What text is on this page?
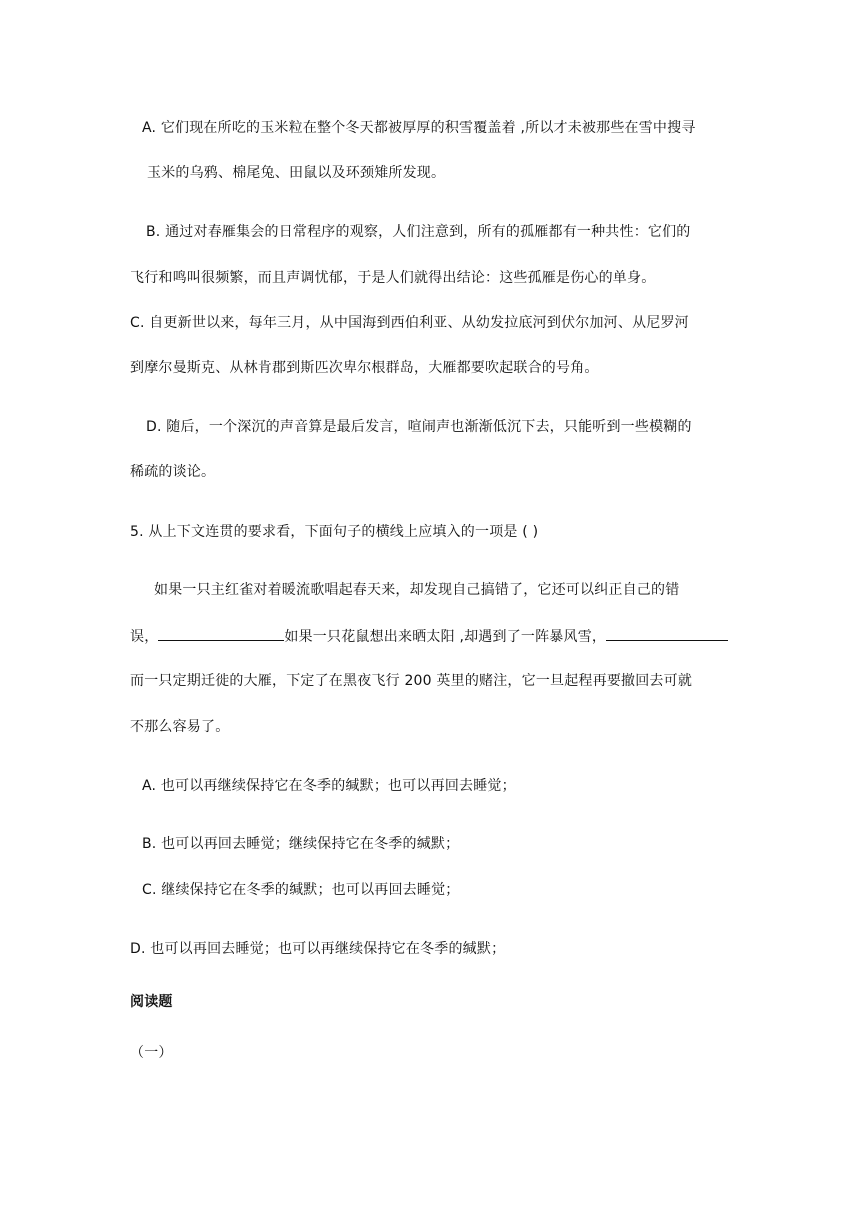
A. 它们现在所吃的玉米粒在整个冬天都被厚厚的积雪覆盖着 ,所以才未被那些在雪中搜寻
玉米的乌鸦、棉尾兔、田鼠以及环颈雉所发现。
B. 通过对春雁集会的日常程序的观察，人们注意到，所有的孤雁都有一种共性：它们的
飞行和鸣叫很频繁，而且声调忧郁，于是人们就得出结论：这些孤雁是伤心的单身。
C. 自更新世以来，每年三月，从中国海到西伯利亚、从幼发拉底河到伏尔加河、从尼罗河
到摩尔曼斯克、从林肯郡到斯匹次卑尔根群岛，大雁都要吹起联合的号角。
D. 随后，一个深沉的声音算是最后发言，喧闹声也渐渐低沉下去，只能听到一些模糊的
稀疏的谈论。
5. 从上下文连贯的要求看，下面句子的横线上应填入的一项是 ( )
如果一只主红雀对着暖流歌唱起春天来，却发现自己搞错了，它还可以纠正自己的错
误，	如果一只花鼠想出来晒太阳 ,却遇到了一阵暴风雪，
而一只定期迁徙的大雁，下定了在黑夜飞行 200 英里的赌注，它一旦起程再要撤回去可就
不那么容易了。
A. 也可以再继续保持它在冬季的缄默；也可以再回去睡觉；
B. 也可以再回去睡觉；继续保持它在冬季的缄默；
C. 继续保持它在冬季的缄默；也可以再回去睡觉；
D. 也可以再回去睡觉；也可以再继续保持它在冬季的缄默；
阅读题
（一）
